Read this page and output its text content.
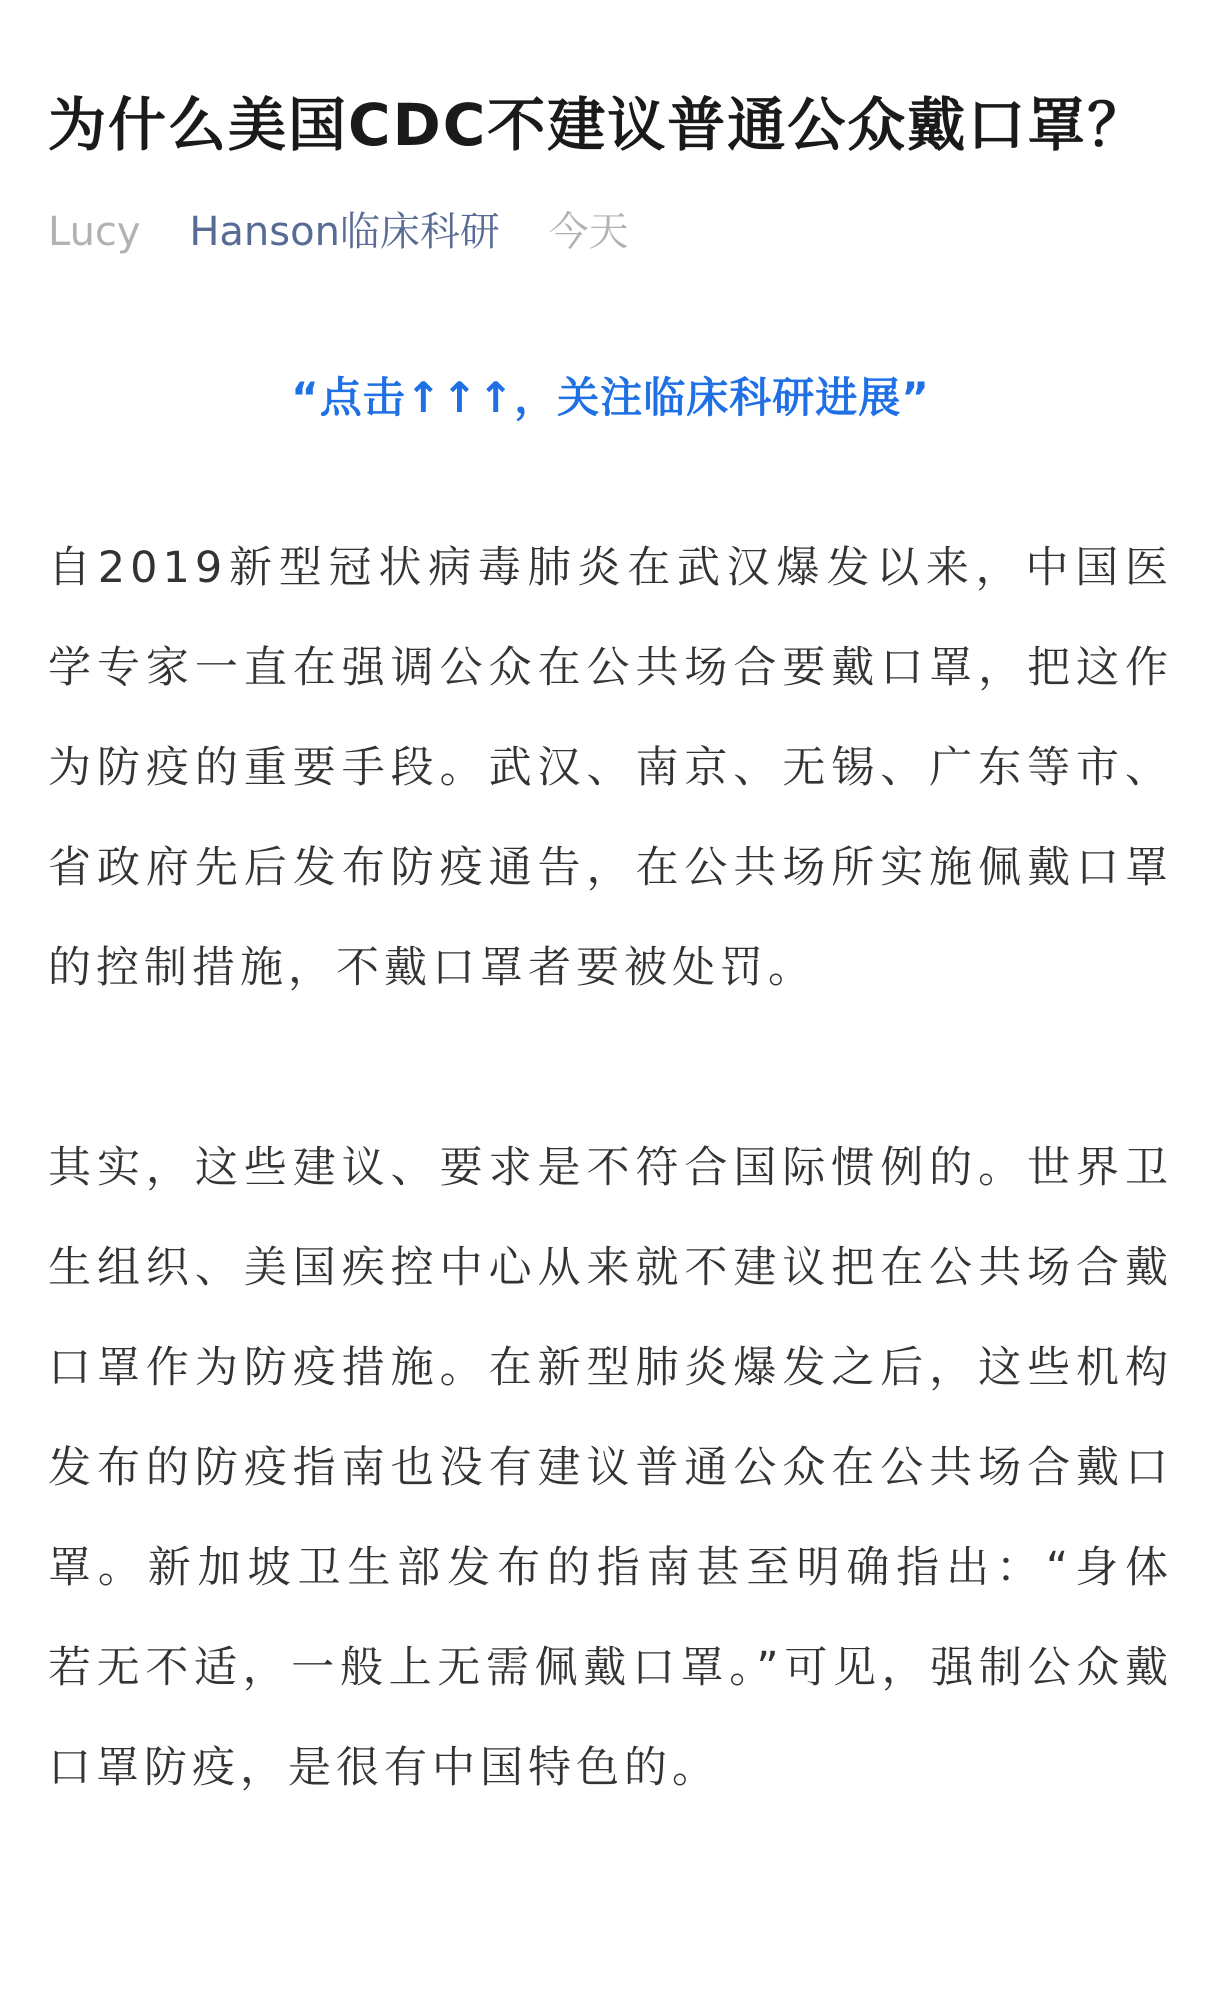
为什么美国CDC不建议普通公众戴口罩？
Lucy Hanson临床科研 今天
“点击↑↑↑，关注临床科研进展”

自2019新型冠状病毒肺炎在武汉爆发以来，中国医学专家一直在强调公众在公共场合要戴口罩，把这作为防疫的重要手段。武汉、南京、无锡、广东等市、省政府先后发布防疫通告，在公共场所实施佩戴口罩的控制措施，不戴口罩者要被处罚。

其实，这些建议、要求是不符合国际惯例的。世界卫生组织、美国疾控中心从来就不建议把在公共场合戴口罩作为防疫措施。在新型肺炎爆发之后，这些机构发布的防疫指南也没有建议普通公众在公共场合戴口罩。新加坡卫生部发布的指南甚至明确指出：“身体若无不适，一般上无需佩戴口罩。”可见，强制公众戴口罩防疫，是很有中国特色的。
